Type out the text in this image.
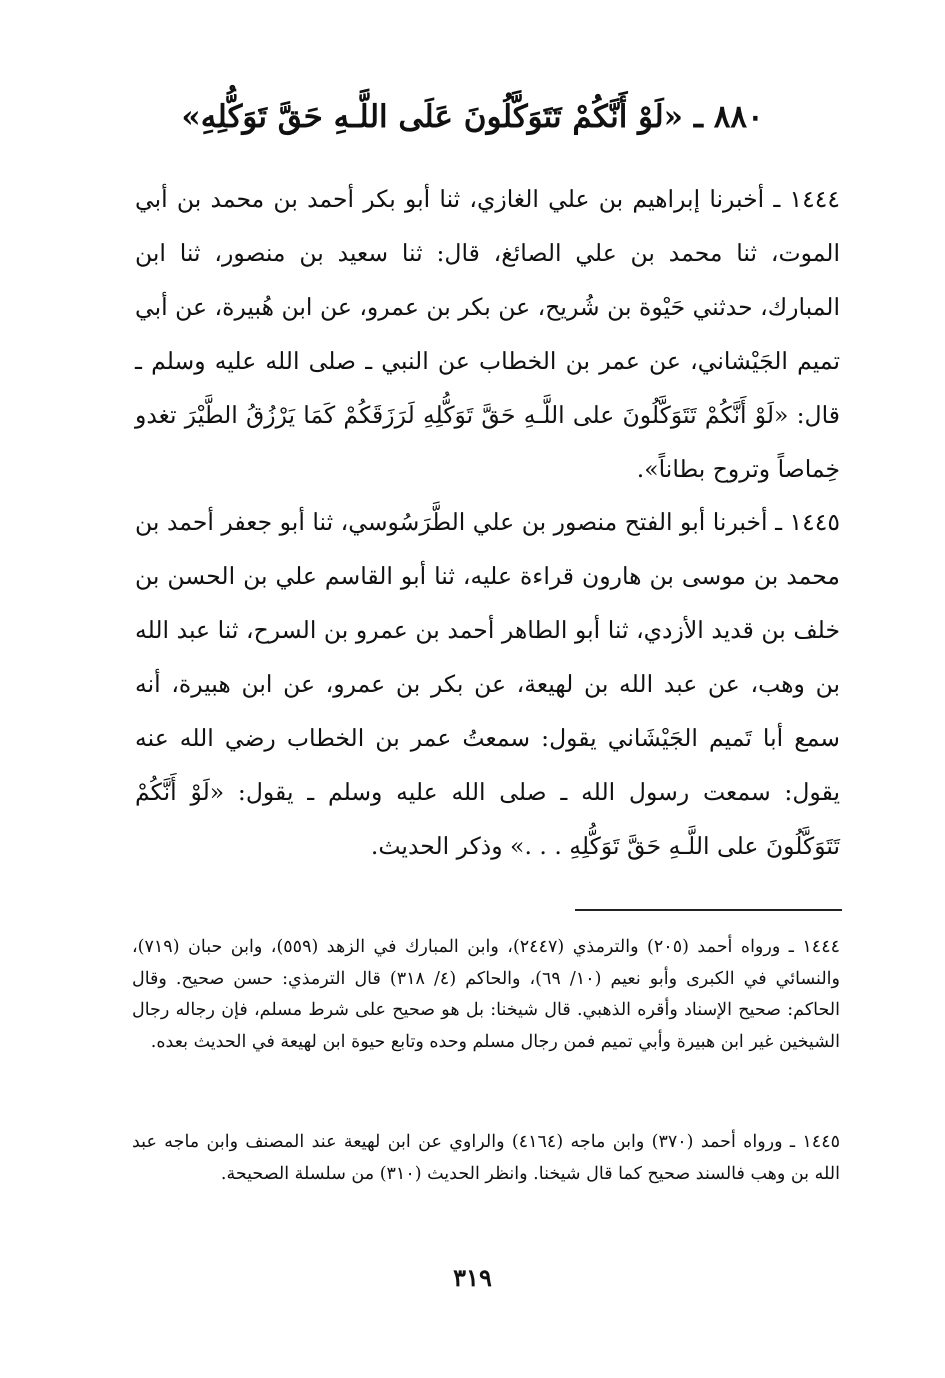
٨٨٠ ـ «لَوْ أَنَّكُمْ تَتَوَكَّلُونَ عَلَى اللَّـهِ حَقَّ تَوَكُّلِهِ»

١٤٤٤ ـ أخبرنا إبراهيم بن علي الغازي، ثنا أبو بكر أحمد بن محمد بن أبي الموت، ثنا محمد بن علي الصائغ، قال: ثنا سعيد بن منصور، ثنا ابن المبارك، حدثني حَيْوة بن شُريح، عن بكر بن عمرو، عن ابن هُبيرة، عن أبي تميم الجَيْشاني، عن عمر بن الخطاب عن النبي ـ صلى الله عليه وسلم ـ قال: «لَوْ أَنَّكُمْ تَتَوَكَّلُونَ على اللَّـهِ حَقَّ تَوَكُّلِهِ لَرَزَقَكُمْ كَمَا يَرْزُقُ الطَّيْرَ تغدو خِماصاً وتروح بطاناً».

١٤٤٥ ـ أخبرنا أبو الفتح منصور بن علي الطَّرَسُوسي، ثنا أبو جعفر أحمد بن محمد بن موسى بن هارون قراءة عليه، ثنا أبو القاسم علي بن الحسن بن خلف بن قديد الأزدي، ثنا أبو الطاهر أحمد بن عمرو بن السرح، ثنا عبد الله بن وهب، عن عبد الله بن لهيعة، عن بكر بن عمرو، عن ابن هبيرة، أنه سمع أبا تَميم الجَيْشَاني يقول: سمعتُ عمر بن الخطاب رضي الله عنه يقول: سمعت رسول الله ـ صلى الله عليه وسلم ـ يقول: «لَوْ أَنَّكُمْ تَتَوَكَّلُونَ على اللَّـهِ حَقَّ تَوَكُّلِهِ . . .» وذكر الحديث.

١٤٤٤ ـ ورواه أحمد (٢٠٥) والترمذي (٢٤٤٧)، وابن المبارك في الزهد (٥٥٩)، وابن حبان (٧١٩)، والنسائي في الكبرى وأبو نعيم (١٠/ ٦٩)، والحاكم (٤/ ٣١٨) قال الترمذي: حسن صحيح. وقال الحاكم: صحيح الإسناد وأقره الذهبي. قال شيخنا: بل هو صحيح على شرط مسلم، فإن رجاله رجال الشيخين غير ابن هبيرة وأبي تميم فمن رجال مسلم وحده وتابع حيوة ابن لهيعة في الحديث بعده.

١٤٤٥ ـ ورواه أحمد (٣٧٠) وابن ماجه (٤١٦٤) والراوي عن ابن لهيعة عند المصنف وابن ماجه عبد الله بن وهب فالسند صحيح كما قال شيخنا. وانظر الحديث (٣١٠) من سلسلة الصحيحة.

٣١٩
